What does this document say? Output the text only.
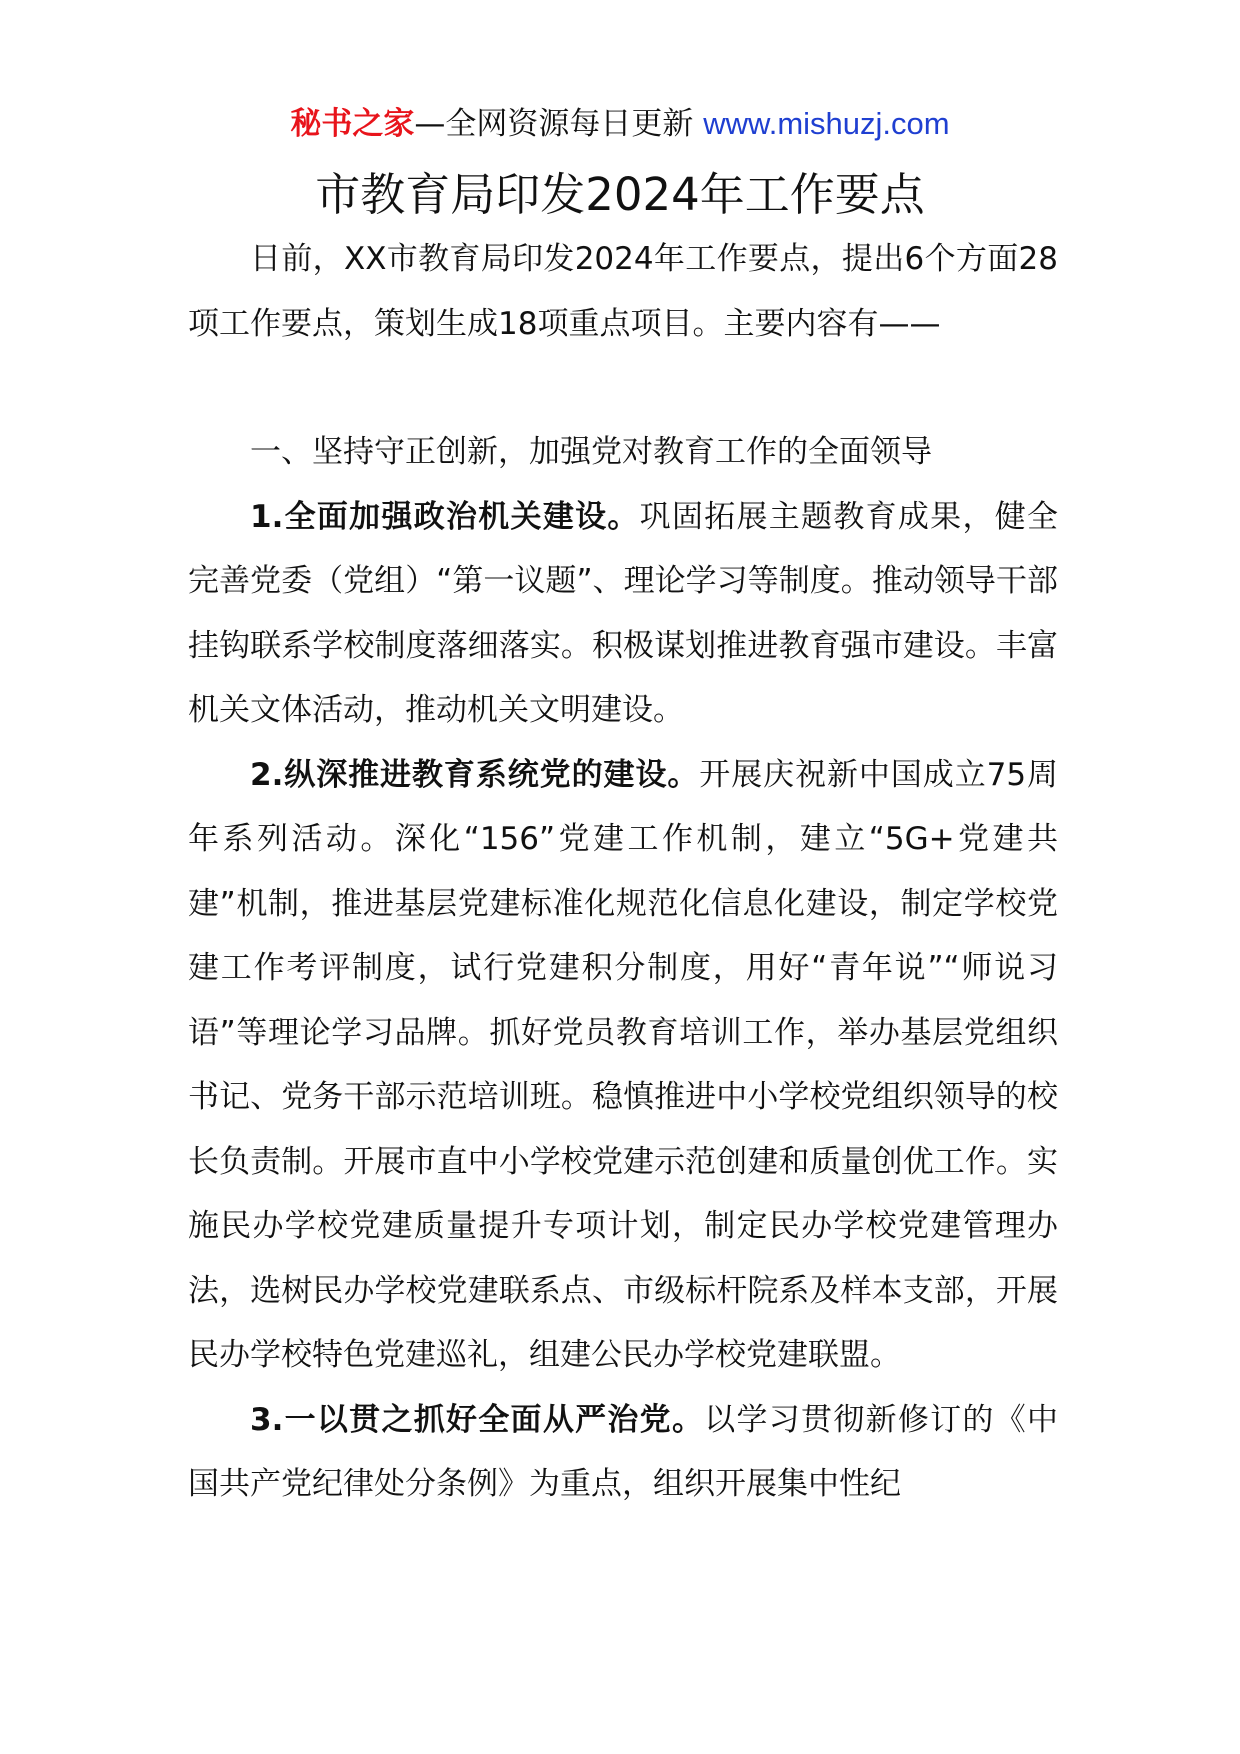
秘书之家—全网资源每日更新 www.mishuzj.com
市教育局印发2024年工作要点

日前，XX市教育局印发2024年工作要点，提出6个方面28项工作要点，策划生成18项重点项目。主要内容有——

一、坚持守正创新，加强党对教育工作的全面领导

1.全面加强政治机关建设。巩固拓展主题教育成果，健全完善党委（党组）“第一议题”、理论学习等制度。推动领导干部挂钩联系学校制度落细落实。积极谋划推进教育强市建设。丰富机关文体活动，推动机关文明建设。

2.纵深推进教育系统党的建设。开展庆祝新中国成立75周年系列活动。深化“156”党建工作机制，建立“5G+党建共建”机制，推进基层党建标准化规范化信息化建设，制定学校党建工作考评制度，试行党建积分制度，用好“青年说”“师说习语”等理论学习品牌。抓好党员教育培训工作，举办基层党组织书记、党务干部示范培训班。稳慎推进中小学校党组织领导的校长负责制。开展市直中小学校党建示范创建和质量创优工作。实施民办学校党建质量提升专项计划，制定民办学校党建管理办法，选树民办学校党建联系点、市级标杆院系及样本支部，开展民办学校特色党建巡礼，组建公民办学校党建联盟。

3.一以贯之抓好全面从严治党。以学习贯彻新修订的《中国共产党纪律处分条例》为重点，组织开展集中性纪
